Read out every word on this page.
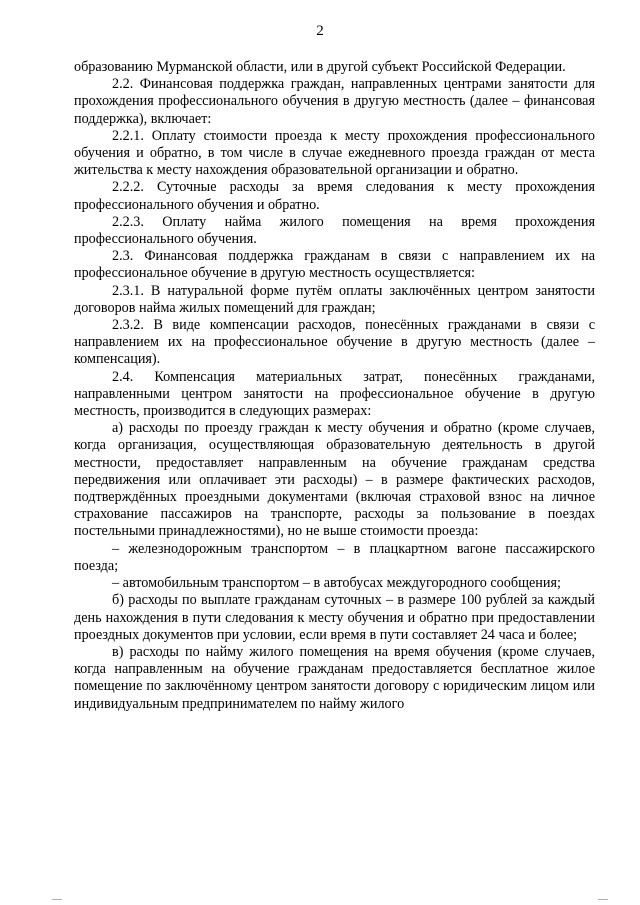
2

образованию Мурманской области, или в другой субъект Российской Федерации.

2.2. Финансовая поддержка граждан, направленных центрами занятости для прохождения профессионального обучения в другую местность (далее – финансовая поддержка), включает:

2.2.1. Оплату стоимости проезда к месту прохождения профессионального обучения и обратно, в том числе в случае ежедневного проезда граждан от места жительства к месту нахождения образовательной организации и обратно.

2.2.2. Суточные расходы за время следования к месту прохождения профессионального обучения и обратно.

2.2.3. Оплату найма жилого помещения на время прохождения профессионального обучения.

2.3. Финансовая поддержка гражданам в связи с направлением их на профессиональное обучение в другую местность осуществляется:

2.3.1. В натуральной форме путём оплаты заключённых центром занятости договоров найма жилых помещений для граждан;

2.3.2. В виде компенсации расходов, понесённых гражданами в связи с направлением их на профессиональное обучение в другую местность (далее – компенсация).

2.4. Компенсация материальных затрат, понесённых гражданами, направленными центром занятости на профессиональное обучение в другую местность, производится в следующих размерах:

а) расходы по проезду граждан к месту обучения и обратно (кроме случаев, когда организация, осуществляющая образовательную деятельность в другой местности, предоставляет направленным на обучение гражданам средства передвижения или оплачивает эти расходы) – в размере фактических расходов, подтверждённых проездными документами (включая страховой взнос на личное страхование пассажиров на транспорте, расходы за пользование в поездах постельными принадлежностями), но не выше стоимости проезда:

– железнодорожным транспортом – в плацкартном вагоне пассажирского поезда;

– автомобильным транспортом – в автобусах междугородного сообщения;

б) расходы по выплате гражданам суточных – в размере 100 рублей за каждый день нахождения в пути следования к месту обучения и обратно при предоставлении проездных документов при условии, если время в пути составляет 24 часа и более;

в) расходы по найму жилого помещения на время обучения (кроме случаев, когда направленным на обучение гражданам предоставляется бесплатное жилое помещение по заключённому центром занятости договору с юридическим лицом или индивидуальным предпринимателем по найму жилого
